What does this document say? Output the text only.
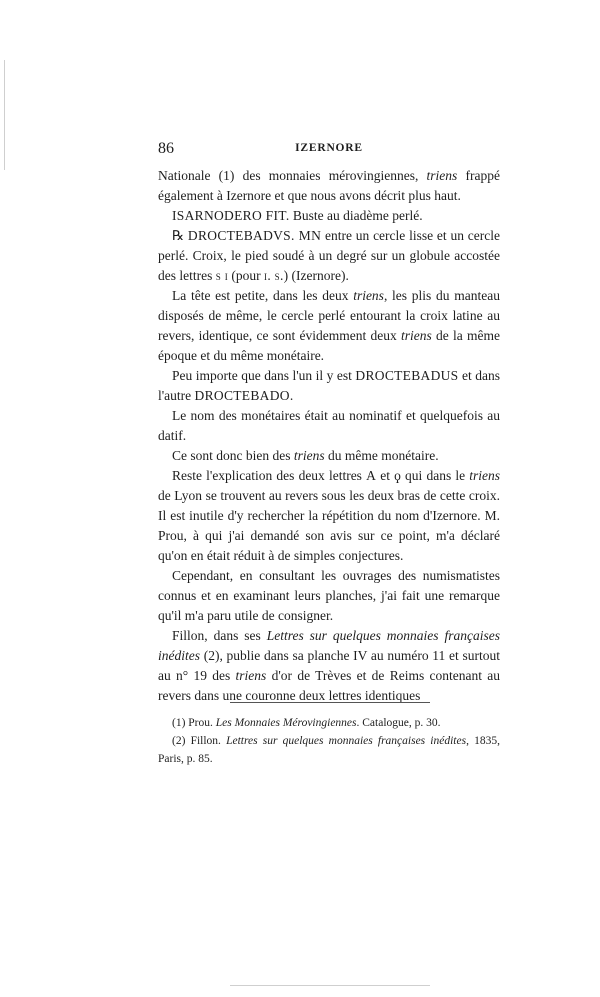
86	IZERNORE

Nationale (1) des monnaies mérovingiennes, triens frappé également à Izernore et que nous avons décrit plus haut.

ISARNODERO FIT. Buste au diadème perlé.

℞ DROCTEBADVS. MN entre un cercle lisse et un cercle perlé. Croix, le pied soudé à un degré sur un globule accostée des lettres s i (pour i. s.) (Izernore).

La tête est petite, dans les deux triens, les plis du manteau disposés de même, le cercle perlé entourant la croix latine au revers, identique, ce sont évidemment deux triens de la même époque et du même monétaire.

Peu importe que dans l'un il y est DROCTEBADUS et dans l'autre DROCTEBADO.

Le nom des monétaires était au nominatif et quelquefois au datif.

Ce sont donc bien des triens du même monétaire.

Reste l'explication des deux lettres A et ϙ qui dans le triens de Lyon se trouvent au revers sous les deux bras de cette croix. Il est inutile d'y rechercher la répétition du nom d'Izernore. M. Prou, à qui j'ai demandé son avis sur ce point, m'a déclaré qu'on en était réduit à de simples conjectures.

Cependant, en consultant les ouvrages des numismatistes connus et en examinant leurs planches, j'ai fait une remarque qu'il m'a paru utile de consigner.

Fillon, dans ses Lettres sur quelques monnaies françaises inédites (2), publie dans sa planche IV au numéro 11 et surtout au n° 19 des triens d'or de Trèves et de Reims contenant au revers dans une couronne deux lettres identiques

(1) Prou. Les Monnaies Mérovingiennes. Catalogue, p. 30.

(2) Fillon. Lettres sur quelques monnaies françaises inédites, 1835, Paris, p. 85.
